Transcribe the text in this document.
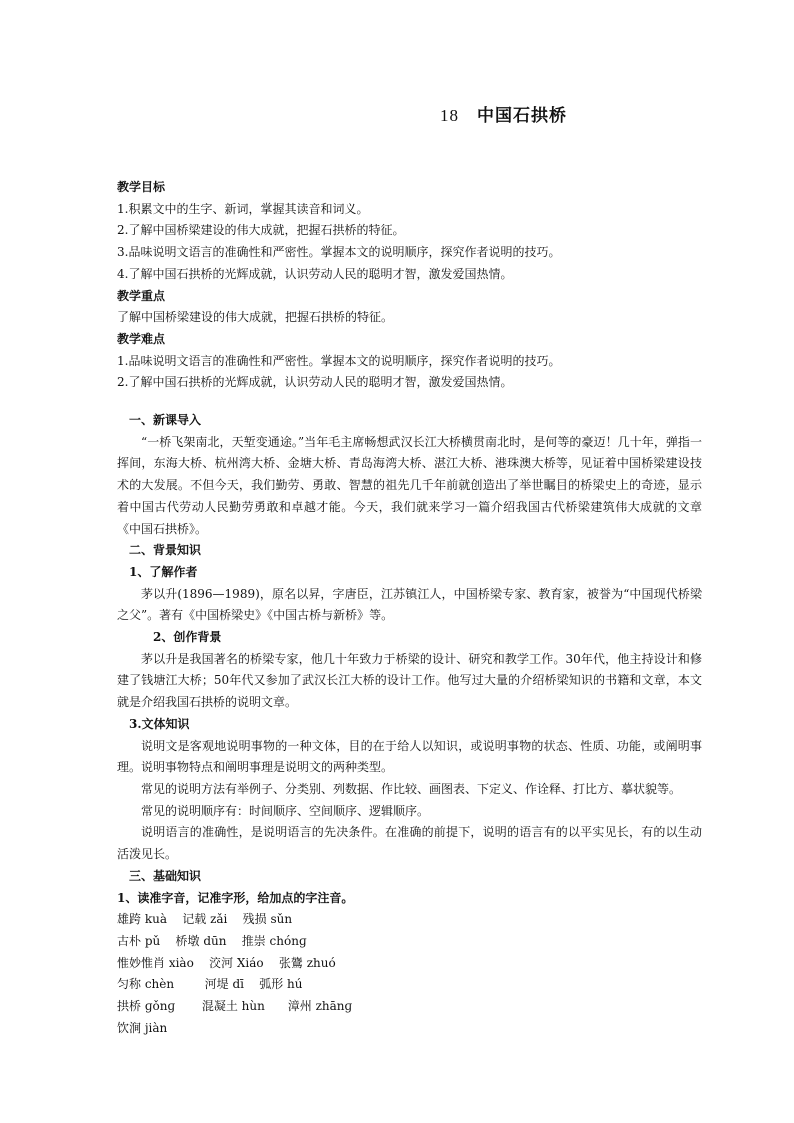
18 中国石拱桥
教学目标
1.积累文中的生字、新词，掌握其读音和词义。
2.了解中国桥梁建设的伟大成就，把握石拱桥的特征。
3.品味说明文语言的准确性和严密性。掌握本文的说明顺序，探究作者说明的技巧。
4.了解中国石拱桥的光辉成就，认识劳动人民的聪明才智，激发爱国热情。
教学重点
了解中国桥梁建设的伟大成就，把握石拱桥的特征。
教学难点
1.品味说明文语言的准确性和严密性。掌握本文的说明顺序，探究作者说明的技巧。
2.了解中国石拱桥的光辉成就，认识劳动人民的聪明才智，激发爱国热情。
一、新课导入

“一桥飞架南北，天堑变通途。”当年毛主席畅想武汉长江大桥横贯南北时，是何等的豪迈！几十年，弹指一挥间，东海大桥、杭州湾大桥、金塘大桥、青岛海湾大桥、湛江大桥、港珠澳大桥等，见证着中国桥梁建设技术的大发展。不但今天，我们勤劳、勇敢、智慧的祖先几千年前就创造出了举世瞩目的桥梁史上的奇迹，显示着中国古代劳动人民勤劳勇敢和卓越才能。今天，我们就来学习一篇介绍我国古代桥梁建筑伟大成就的文章《中国石拱桥》。

二、背景知识
1、了解作者

茅以升(1896—1989)，原名以昇，字唐臣，江苏镇江人，中国桥梁专家、教育家，被誉为“中国现代桥梁之父”。著有《中国桥梁史》《中国古桥与新桥》等。

2、创作背景

茅以升是我国著名的桥梁专家，他几十年致力于桥梁的设计、研究和教学工作。30年代，他主持设计和修建了钱塘江大桥；50年代又参加了武汉长江大桥的设计工作。他写过大量的介绍桥梁知识的书籍和文章，本文就是介绍我国石拱桥的说明文章。

3.文体知识

说明文是客观地说明事物的一种文体，目的在于给人以知识，或说明事物的状态、性质、功能，或阐明事理。说明事物特点和阐明事理是说明文的两种类型。

常见的说明方法有举例子、分类别、列数据、作比较、画图表、下定义、作诠释、打比方、摹状貌等。

常见的说明顺序有：时间顺序、空间顺序、逻辑顺序。

说明语言的准确性，是说明语言的先决条件。在准确的前提下，说明的语言有的以平实见长，有的以生动活泼见长。

三、基础知识
1、读准字音，记准字形，给加点的字注音。
雄跨 kuà 记载 zǎi 残损 sǔn
古朴 pǔ 桥墩 dūn 推崇 chónɡ
惟妙惟肖 xiào 洨河 Xiáo 张鷟 zhuó
匀称 chèn	河堤 dī 弧形 hú
拱桥 ɡǒnɡ 混凝土 hùn 漳州 zhānɡ
饮涧 jiàn
